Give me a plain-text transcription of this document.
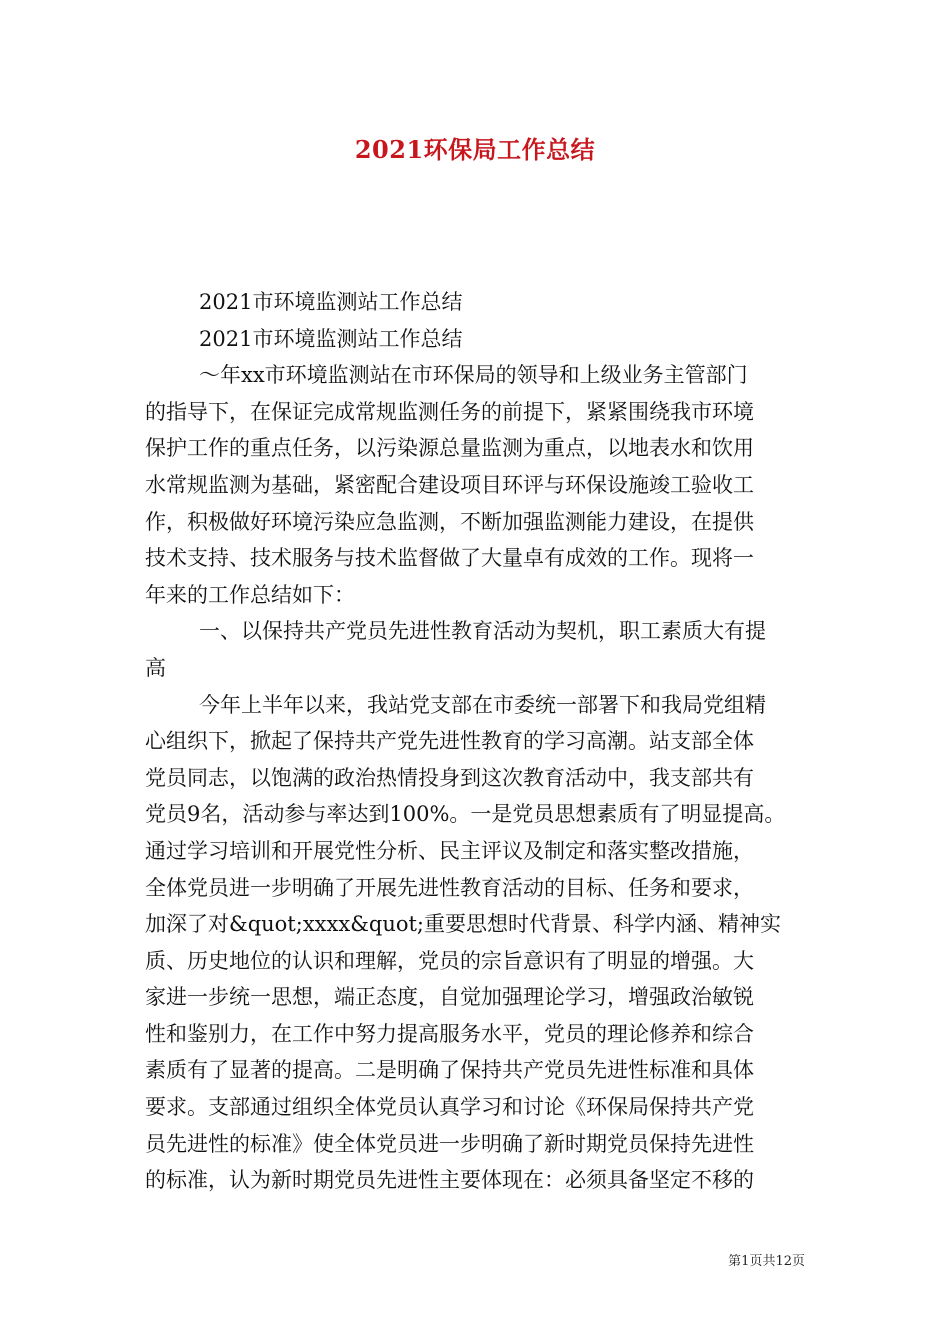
2021环保局工作总结
2021市环境监测站工作总结
2021市环境监测站工作总结
～年xx市环境监测站在市环保局的领导和上级业务主管部门
的指导下，在保证完成常规监测任务的前提下，紧紧围绕我市环境
保护工作的重点任务，以污染源总量监测为重点，以地表水和饮用
水常规监测为基础，紧密配合建设项目环评与环保设施竣工验收工
作，积极做好环境污染应急监测，不断加强监测能力建设，在提供
技术支持、技术服务与技术监督做了大量卓有成效的工作。现将一
年来的工作总结如下：
一、以保持共产党员先进性教育活动为契机，职工素质大有提
高
今年上半年以来，我站党支部在市委统一部署下和我局党组精
心组织下，掀起了保持共产党先进性教育的学习高潮。站支部全体
党员同志，以饱满的政治热情投身到这次教育活动中，我支部共有
党员9名，活动参与率达到100%。一是党员思想素质有了明显提高。
通过学习培训和开展党性分析、民主评议及制定和落实整改措施，
全体党员进一步明确了开展先进性教育活动的目标、任务和要求，
加深了对&quot;xxxx&quot;重要思想时代背景、科学内涵、精神实
质、历史地位的认识和理解，党员的宗旨意识有了明显的增强。大
家进一步统一思想，端正态度，自觉加强理论学习，增强政治敏锐
性和鉴别力，在工作中努力提高服务水平，党员的理论修养和综合
素质有了显著的提高。二是明确了保持共产党员先进性标准和具体
要求。支部通过组织全体党员认真学习和讨论《环保局保持共产党
员先进性的标准》使全体党员进一步明确了新时期党员保持先进性
的标准，认为新时期党员先进性主要体现在：必须具备坚定不移的
第1页共12页
